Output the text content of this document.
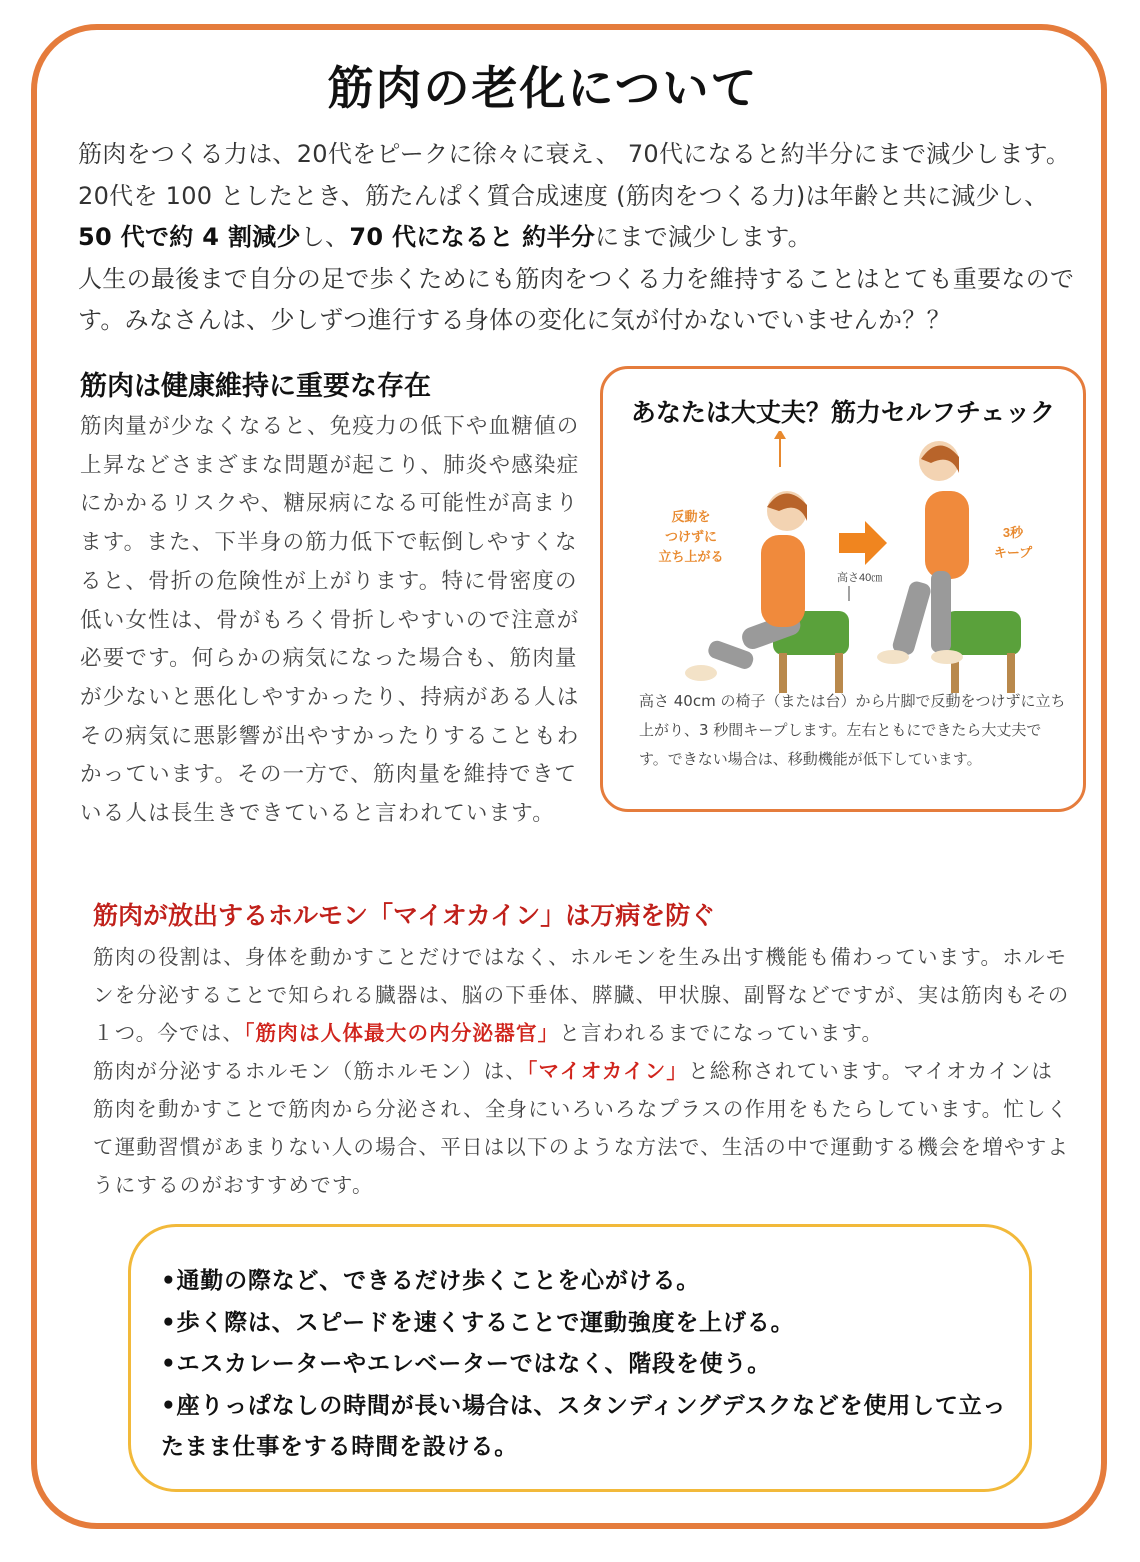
筋肉の老化について
筋肉をつくる力は、20代をピークに徐々に衰え、 70代になると約半分にまで減少します。
20代を 100 としたとき、筋たんぱく質合成速度 (筋肉をつくる力)は年齢と共に減少し、
50 代で約 4 割減少し、70 代になると 約半分にまで減少します。
人生の最後まで自分の足で歩くためにも筋肉をつくる力を維持することはとても重要なのです。みなさんは、少しずつ進行する身体の変化に気が付かないでいませんか？？
筋肉は健康維持に重要な存在

筋肉量が少なくなると、免疫力の低下や血糖値の上昇などさまざまな問題が起こり、肺炎や感染症にかかるリスクや、糖尿病になる可能性が高まります。また、下半身の筋力低下で転倒しやすくなると、骨折の危険性が上がります。特に骨密度の低い女性は、骨がもろく骨折しやすいので注意が必要です。何らかの病気になった場合も、筋肉量が少ないと悪化しやすかったり、持病がある人はその病気に悪影響が出やすかったりすることもわかっています。その一方で、筋肉量を維持できている人は長生きできていると言われています。

あなたは大丈夫？筋力セルフチェック
反動を
つけずに
立ち上がる
高さ40㎝
3秒
キープ

高さ 40cm の椅子（または台）から片脚で反動をつけずに立ち上がり、3 秒間キープします。左右ともにできたら大丈夫です。できない場合は、移動機能が低下しています。

筋肉が放出するホルモン「マイオカイン」は万病を防ぐ
筋肉の役割は、身体を動かすことだけではなく、ホルモンを生み出す機能も備わっています。ホルモンを分泌することで知られる臓器は、脳の下垂体、膵臓、甲状腺、副腎などですが、実は筋肉もその１つ。今では、「筋肉は人体最大の内分泌器官」と言われるまでになっています。
筋肉が分泌するホルモン（筋ホルモン）は、「マイオカイン」と総称されています。マイオカインは筋肉を動かすことで筋肉から分泌され、全身にいろいろなプラスの作用をもたらしています。忙しくて運動習慣があまりない人の場合、平日は以下のような方法で、生活の中で運動する機会を増やすようにするのがおすすめです。
•通勤の際など、できるだけ歩くことを心がける。
•歩く際は、スピードを速くすることで運動強度を上げる。
•エスカレーターやエレベーターではなく、階段を使う。
•座りっぱなしの時間が長い場合は、スタンディングデスクなどを使用して立ったまま仕事をする時間を設ける。
